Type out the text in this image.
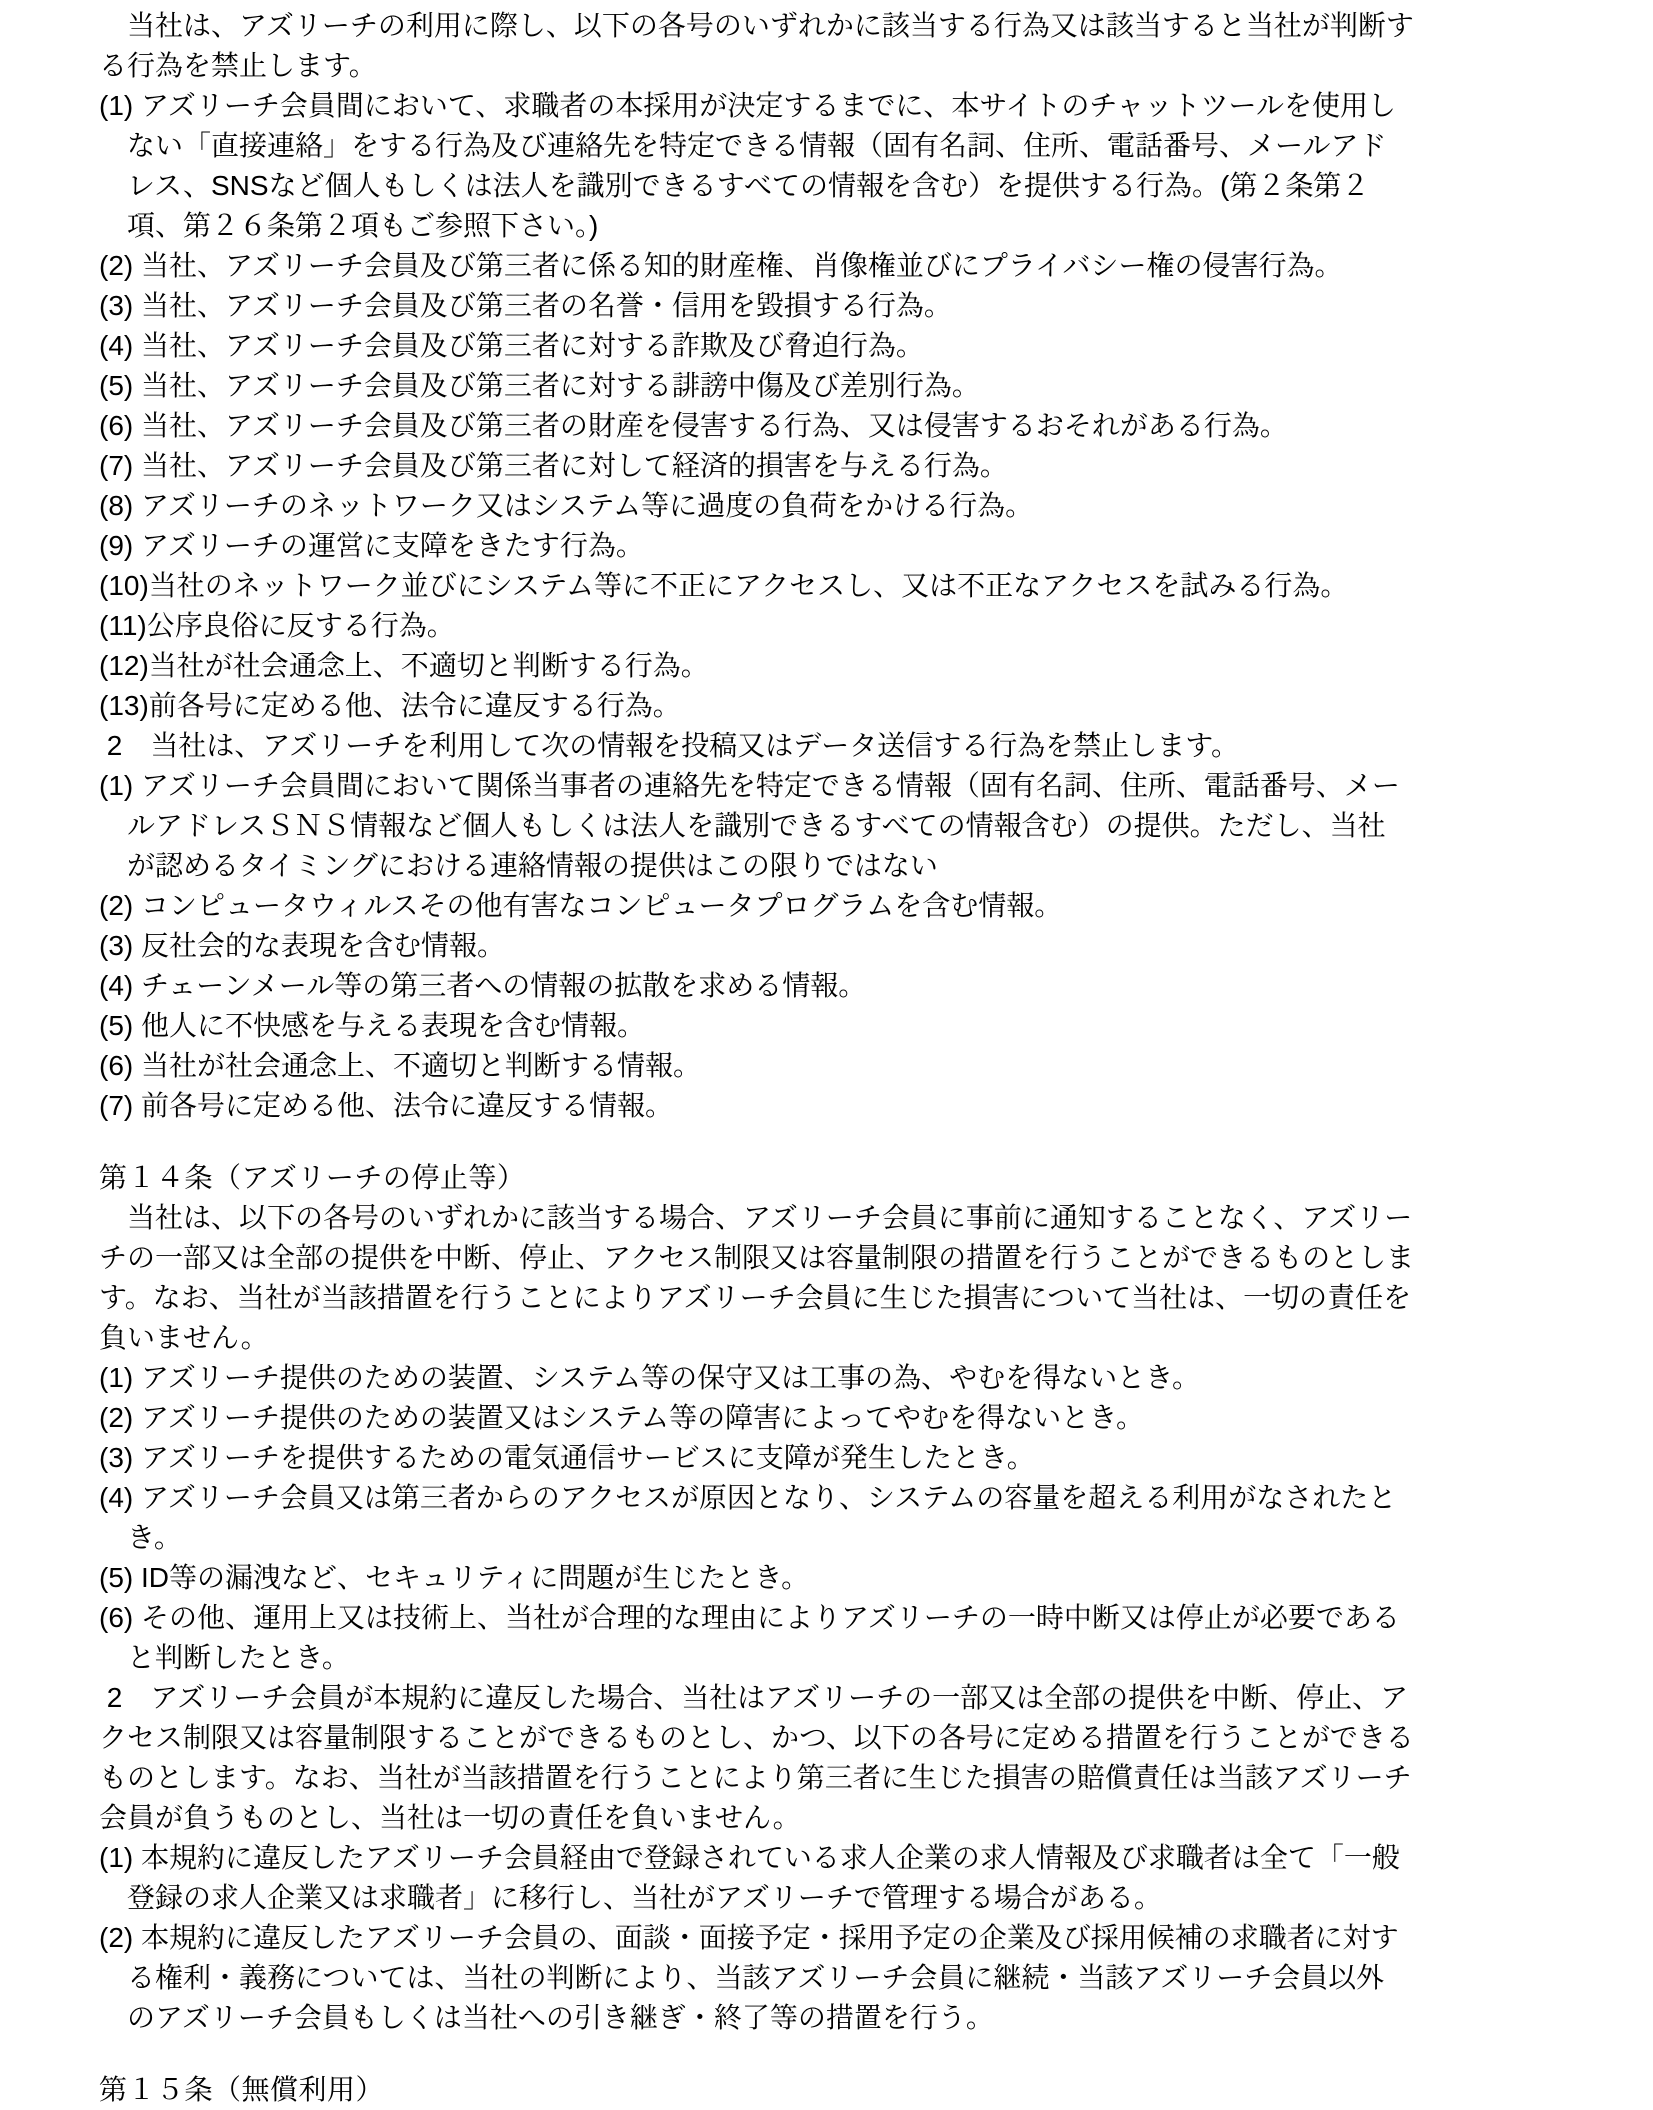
　当社は、アズリーチの利用に際し、以下の各号のいずれかに該当する行為又は該当すると当社が判断す
る行為を禁止します。
(1) アズリーチ会員間において、求職者の本採用が決定するまでに、本サイトのチャットツールを使用し
ない「直接連絡」をする行為及び連絡先を特定できる情報（固有名詞、住所、電話番号、メールアド
レス、SNSなど個人もしくは法人を識別できるすべての情報を含む）を提供する行為。(第２条第２
項、第２６条第２項もご参照下さい。)
(2) 当社、アズリーチ会員及び第三者に係る知的財産権、肖像権並びにプライバシー権の侵害行為。
(3) 当社、アズリーチ会員及び第三者の名誉・信用を毀損する行為。
(4) 当社、アズリーチ会員及び第三者に対する詐欺及び脅迫行為。
(5) 当社、アズリーチ会員及び第三者に対する誹謗中傷及び差別行為。
(6) 当社、アズリーチ会員及び第三者の財産を侵害する行為、又は侵害するおそれがある行為。
(7) 当社、アズリーチ会員及び第三者に対して経済的損害を与える行為。
(8) アズリーチのネットワーク又はシステム等に過度の負荷をかける行為。
(9) アズリーチの運営に支障をきたす行為。
(10)当社のネットワーク並びにシステム等に不正にアクセスし、又は不正なアクセスを試みる行為。
(11)公序良俗に反する行為。
(12)当社が社会通念上、不適切と判断する行為。
(13)前各号に定める他、法令に違反する行為。
2　当社は、アズリーチを利用して次の情報を投稿又はデータ送信する行為を禁止します。
(1) アズリーチ会員間において関係当事者の連絡先を特定できる情報（固有名詞、住所、電話番号、メー
ルアドレスＳＮＳ情報など個人もしくは法人を識別できるすべての情報含む）の提供。ただし、当社
が認めるタイミングにおける連絡情報の提供はこの限りではない
(2) コンピュータウィルスその他有害なコンピュータプログラムを含む情報。
(3) 反社会的な表現を含む情報。
(4) チェーンメール等の第三者への情報の拡散を求める情報。
(5) 他人に不快感を与える表現を含む情報。
(6) 当社が社会通念上、不適切と判断する情報。
(7) 前各号に定める他、法令に違反する情報。
第１４条（アズリーチの停止等）
　当社は、以下の各号のいずれかに該当する場合、アズリーチ会員に事前に通知することなく、アズリー
チの一部又は全部の提供を中断、停止、アクセス制限又は容量制限の措置を行うことができるものとしま
す。なお、当社が当該措置を行うことによりアズリーチ会員に生じた損害について当社は、一切の責任を
負いません。
(1) アズリーチ提供のための装置、システム等の保守又は工事の為、やむを得ないとき。
(2) アズリーチ提供のための装置又はシステム等の障害によってやむを得ないとき。
(3) アズリーチを提供するための電気通信サービスに支障が発生したとき。
(4) アズリーチ会員又は第三者からのアクセスが原因となり、システムの容量を超える利用がなされたと
き。
(5) ID等の漏洩など、セキュリティに問題が生じたとき。
(6) その他、運用上又は技術上、当社が合理的な理由によりアズリーチの一時中断又は停止が必要である
と判断したとき。
2　アズリーチ会員が本規約に違反した場合、当社はアズリーチの一部又は全部の提供を中断、停止、ア
クセス制限又は容量制限することができるものとし、かつ、以下の各号に定める措置を行うことができる
ものとします。なお、当社が当該措置を行うことにより第三者に生じた損害の賠償責任は当該アズリーチ
会員が負うものとし、当社は一切の責任を負いません。
(1) 本規約に違反したアズリーチ会員経由で登録されている求人企業の求人情報及び求職者は全て「一般
登録の求人企業又は求職者」に移行し、当社がアズリーチで管理する場合がある。
(2) 本規約に違反したアズリーチ会員の、面談・面接予定・採用予定の企業及び採用候補の求職者に対す
る権利・義務については、当社の判断により、当該アズリーチ会員に継続・当該アズリーチ会員以外
のアズリーチ会員もしくは当社への引き継ぎ・終了等の措置を行う。
第１５条（無償利用）
